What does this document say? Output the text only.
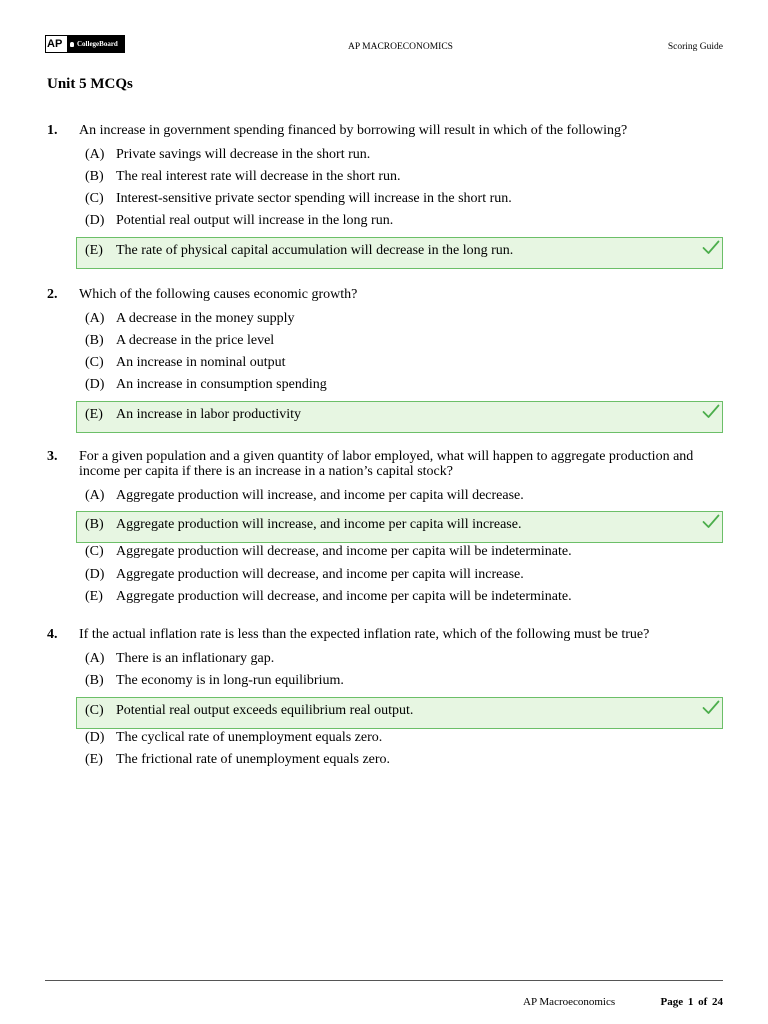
AP	CollegeBoard	AP MACROECONOMICS	Scoring Guide
Unit 5 MCQs
1.	An increase in government spending financed by borrowing will result in which of the following?
(A) Private savings will decrease in the short run.
(B) The real interest rate will decrease in the short run.
(C) Interest-sensitive private sector spending will increase in the short run.
(D) Potential real output will increase in the long run.
(E) The rate of physical capital accumulation will decrease in the long run.
2.	Which of the following causes economic growth?
(A) A decrease in the money supply
(B) A decrease in the price level
(C) An increase in nominal output
(D) An increase in consumption spending
(E) An increase in labor productivity
3.	For a given population and a given quantity of labor employed, what will happen to aggregate production and income per capita if there is an increase in a nation’s capital stock?
(A) Aggregate production will increase, and income per capita will decrease.
(B) Aggregate production will increase, and income per capita will increase.
(C) Aggregate production will decrease, and income per capita will be indeterminate.
(D) Aggregate production will decrease, and income per capita will increase.
(E) Aggregate production will decrease, and income per capita will be indeterminate.
4.	If the actual inflation rate is less than the expected inflation rate, which of the following must be true?
(A) There is an inflationary gap.
(B) The economy is in long-run equilibrium.
(C) Potential real output exceeds equilibrium real output.
(D) The cyclical rate of unemployment equals zero.
(E) The frictional rate of unemployment equals zero.
AP Macroeconomics	Page 1 of 24
